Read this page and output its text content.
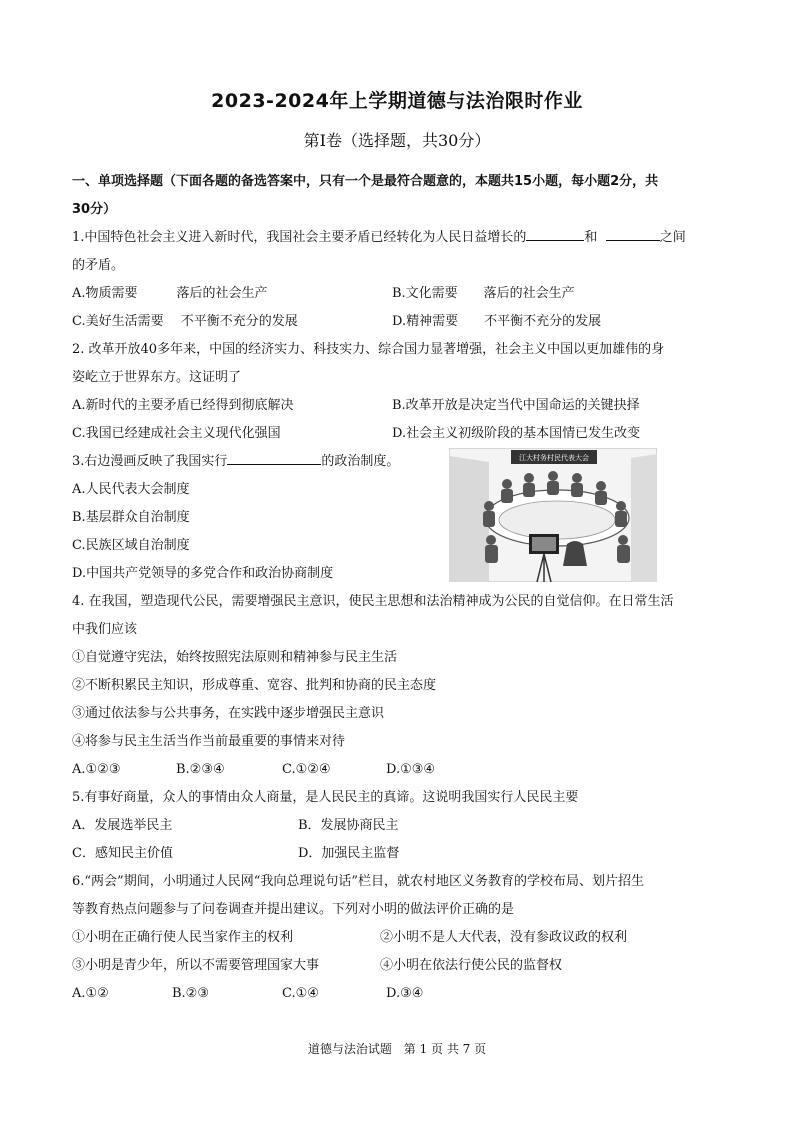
2023-2024年上学期道德与法治限时作业
第Ⅰ卷（选择题，共30分）
一、单项选择题（下面各题的备选答案中，只有一个是最符合题意的，本题共15小题，每小题2分，共
30分）
1.中国特色社会主义进入新时代，我国社会主要矛盾已经转化为人民日益增长的	和	之间
的矛盾。
A.物质需要　　　落后的社会生产	B.文化需要　　落后的社会生产
C.美好生活需要　 不平衡不充分的发展	D.精神需要　　不平衡不充分的发展
2. 改革开放40多年来，中国的经济实力、科技实力、综合国力显著增强，社会主义中国以更加雄伟的身
姿屹立于世界东方。这证明了
A.新时代的主要矛盾已经得到彻底解决	B.改革开放是决定当代中国命运的关键抉择
C.我国已经建成社会主义现代化强国	D.社会主义初级阶段的基本国情已发生改变
3.右边漫画反映了我国实行	的政治制度。
A.人民代表大会制度
B.基层群众自治制度
C.民族区域自治制度
D.中国共产党领导的多党合作和政治协商制度
4. 在我国，塑造现代公民，需要增强民主意识，使民主思想和法治精神成为公民的自觉信仰。在日常生活
中我们应该
①自觉遵守宪法，始终按照宪法原则和精神参与民主生活
②不断积累民主知识，形成尊重、宽容、批判和协商的民主态度
③通过依法参与公共事务，在实践中逐步增强民主意识
④将参与民主生活当作当前最重要的事情来对待
A.①②③	B.②③④	C.①②④	D.①③④
5.有事好商量，众人的事情由众人商量，是人民民主的真谛。这说明我国实行人民民主要
A．发展选举民主	B．发展协商民主
C．感知民主价值	D．加强民主监督
6.“两会”期间，小明通过人民网“我向总理说句话”栏目，就农村地区义务教育的学校布局、划片招生
等教育热点问题参与了问卷调查并提出建议。下列对小明的做法评价正确的是
①小明在正确行使人民当家作主的权利	②小明不是人大代表，没有参政议政的权利
③小明是青少年，所以不需要管理国家大事	④小明在依法行使公民的监督权
A.①②	B.②③	C.①④	D.③④
江大村务村民代表大会
道德与法治试题 第 1 页 共 7 页
